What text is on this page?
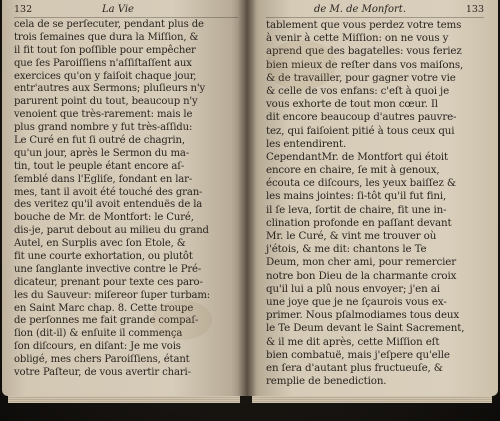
132	La Vie
cela de se perſecuter, pendant plus de
trois ſemaines que dura la Miſſion, &
il fit tout ſon poſſible pour empêcher
que ſes Paroiſſiens n'aſſiſtaſſent aux
exercices qu'on y faiſoit chaque jour,
entr'autres aux Sermons; pluſieurs n'y
parurent point du tout, beaucoup n'y
venoient que très-rarement: mais le
plus grand nombre y fut très-aſſidu:
Le Curé en fut ſi outré de chagrin,
qu'un jour, après le Sermon du ma-
tin, tout le peuple étant encore aſ-
ſemblé dans l'Egliſe, fondant en lar-
mes, tant il avoit été touché des gran-
des veritez qu'il avoit entenduës de la
bouche de Mr. de Montfort: le Curé,
dis-je, parut debout au milieu du grand
Autel, en Surplis avec ſon Etole, &
fit une courte exhortation, ou plutôt
une ſanglante invective contre le Pré-
dicateur, prenant pour texte ces paro-
les du Sauveur: miſereor ſuper turbam:
en Saint Marc chap. 8. Cette troupe
de perſonnes me fait grande compaſ-
ſion (dit-il) & enſuite il commença
ſon diſcours, en diſant: Je me vois
obligé, mes chers Paroiſſiens, étant
votre Paſteur, de vous avertir chari-
de M. de Monfort.	133
tablement que vous perdez votre tems
à venir à cette Miſſion: on ne vous y
aprend que des bagatelles: vous feriez
bien mieux de reſter dans vos maiſons,
& de travailler, pour gagner votre vie
& celle de vos enfans: c'eſt à quoi je
vous exhorte de tout mon cœur. Il
dit encore beaucoup d'autres pauvre-
tez, qui faiſoient pitié à tous ceux qui
les entendirent.
CependantMr. de Montfort qui étoit
encore en chaire, ſe mit à genoux,
écouta ce diſcours, les yeux baiſſez &
les mains jointes: ſi-tôt qu'il fut fini,
il ſe leva, ſortit de chaire, fit une in-
clination profonde en paſſant devant
Mr. le Curé, & vint me trouver où
j'étois, & me dit: chantons le Te
Deum, mon cher ami, pour remercier
notre bon Dieu de la charmante croix
qu'il lui a plû nous envoyer; j'en ai
une joye que je ne ſçaurois vous ex-
primer. Nous pſalmodiames tous deux
le Te Deum devant le Saint Sacrement,
& il me dit après, cette Miſſion eſt
bien combatuë, mais j'eſpere qu'elle
en ſera d'autant plus fructueuſe, &
remplie de benediction.
